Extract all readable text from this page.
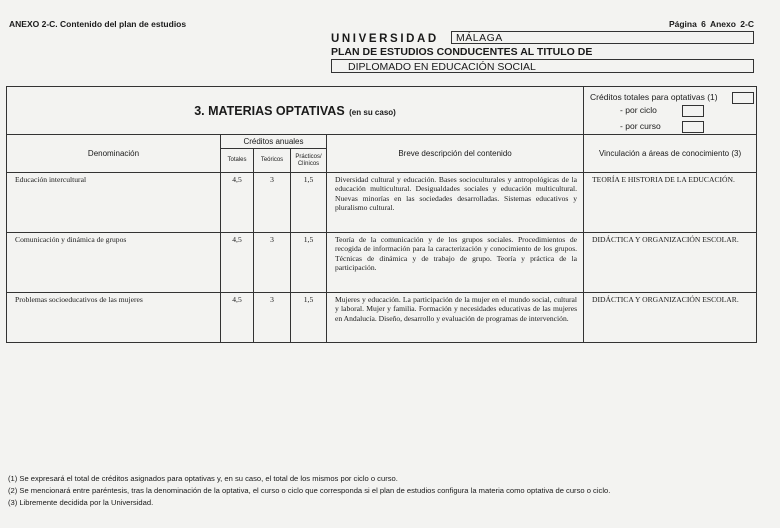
ANEXO 2-C. Contenido del plan de estudios	Página 6 Anexo 2-C
UNIVERSIDAD	MÁLAGA
PLAN DE ESTUDIOS CONDUCENTES AL TITULO DE
DIPLOMADO EN EDUCACIÓN SOCIAL
3. MATERIAS OPTATIVAS (en su caso)					Créditos totales para optativas (1)
- por ciclo
- por curso

Denominación	Créditos anuales			Breve descripción del contenido	Vinculación a áreas de conocimiento (3)
	Totales	Teóricos	Prácticos/ Clínicos		
Educación intercultural	4,5	3	1,5	Diversidad cultural y educación. Bases socioculturales y antropológicas de la educación multicultural. Desigualdades sociales y educación multicultural. Nuevas minorías en las sociedades desarrolladas. Sistemas educativos y pluralismo cultural.	TEORÍA E HISTORIA DE LA EDUCACIÓN.
Comunicación y dinámica de grupos	4,5	3	1,5	Teoría de la comunicación y de los grupos sociales. Procedimientos de recogida de información para la caracterización y conocimiento de los grupos. Técnicas de dinámica y de trabajo de grupo. Teoría y práctica de la participación.	DIDÁCTICA Y ORGANIZACIÓN ESCOLAR.
Problemas socioeducativos de las mujeres	4,5	3	1,5	Mujeres y educación. La participación de la mujer en el mundo social, cultural y laboral. Mujer y familia. Formación y necesidades educativas de las mujeres en Andalucía. Diseño, desarrollo y evaluación de programas de intervención.	DIDÁCTICA Y ORGANIZACIÓN ESCOLAR.
(1) Se expresará el total de créditos asignados para optativas y, en su caso, el total de los mismos por ciclo o curso.
(2) Se mencionará entre paréntesis, tras la denominación de la optativa, el curso o ciclo que corresponda si el plan de estudios configura la materia como optativa de curso o ciclo.
(3) Libremente decidida por la Universidad.
